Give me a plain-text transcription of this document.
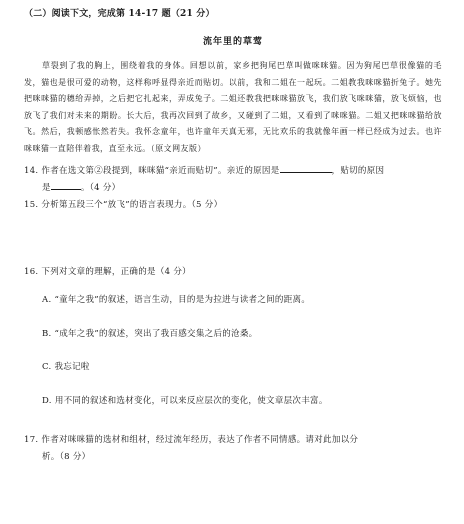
（二）阅读下文，完成第 14-17 题（21 分）
流年里的草莺
草裂到了我的胸上，围绕着我的身体。回想以前，家乡把狗尾巴草叫做咪咪猫。因为狗尾巴草很像猫的毛发，猫也是很可爱的动物，这样称呼显得亲近而贴切。以前，我和二姐在一起玩。二姐教我咪咪猫折兔子。她先把咪咪猫的穗给弄掉，之后把它扎起来，弄成兔子。二姐还教我把咪咪猫放飞，我们放飞咪咪猫，放飞烦恼，也放飞了我们对未来的期盼。长大后，我再次回到了故乡，又碰到了二姐，又看到了咪咪猫。二姐又把咪咪猫给放飞。然后，我顿感怅然若失。我怀念童年，也许童年天真无邪，无比欢乐的我就像年画一样已经成为过去。也许咪咪猫一直陪伴着我，直至永远。（原文网友版）
14. 作者在选文第②段提到，咪咪猫“亲近而贴切”。亲近的原因是	，贴切的原因
是	。（4 分）
15. 分析第五段三个“放飞”的语言表现力。（5 分）
16. 下列对文章的理解，正确的是（4 分）
A. “童年之我”的叙述，语言生动，目的是为拉进与读者之间的距离。
B. “成年之我”的叙述，突出了我百感交集之后的沧桑。
C. 我忘记啦
D. 用不同的叙述和选材变化，可以来反应层次的变化，使文章层次丰富。
17. 作者对咪咪猫的选材和组材，经过流年经历，表达了作者不同情感。请对此加以分
析。（8 分）
